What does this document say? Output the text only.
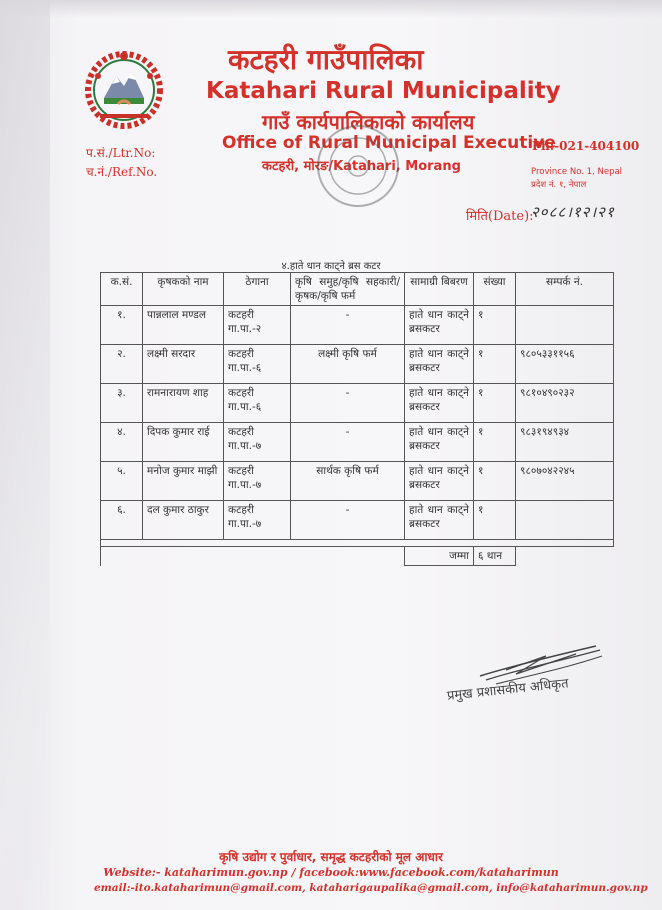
कटहरी गाउँपालिका
Katahari Rural Municipality
गाउँ कार्यपालिकाको कार्यालय
Office of Rural Municipal Executive
कटहरी, मोरङ/Katahari, Morang
प.सं./Ltr.No:
च.नं./Ref.No.
Ph:-021-404100
Province No. 1, Nepal
प्रदेश नं. १, नेपाल
मिति(Date):
२०८८।१२।२१
४.हाते धान काट्ने ब्रस कटर
क.सं.	कृषकको नाम	ठेगाना	कृषि समुह/कृषि सहकारी/कृषक/कृषि फर्म	सामाग्री बिबरण	संख्या	सम्पर्क नं.
१.	पान्नलाल मण्डल	कटहरी गा.पा.-२	-	हाते धान काट्ने ब्रसकटर	१	
२.	लक्ष्मी सरदार	कटहरी गा.पा.-६	लक्ष्मी कृषि फर्म	हाते धान काट्ने ब्रसकटर	१	९८०५३३११५६
३.	रामनारायण शाह	कटहरी गा.पा.-६	-	हाते धान काट्ने ब्रसकटर	१	९८१०४९०२३२
४.	दिपक कुमार राई	कटहरी गा.पा.-७	-	हाते धान काट्ने ब्रसकटर	१	९८३१९४९३४
५.	मनोज कुमार माझी	कटहरी गा.पा.-७	सार्थक कृषि फर्म	हाते धान काट्ने ब्रसकटर	१	९८०७०४२२४५
६.	दल कुमार ठाकुर	कटहरी गा.पा.-७	-	हाते धान काट्ने ब्रसकटर	१	

				जम्मा	६ थान	
प्रमुख प्रशासकीय अधिकृत
कृषि उद्योग र पुर्वाधार, समृद्ध कटहरीको मूल आधार
Website:- kataharimun.gov.np / facebook:www.facebook.com/kataharimun
email:-ito.kataharimun@gmail.com, kataharigaupalika@gmail.com, info@kataharimun.gov.np
